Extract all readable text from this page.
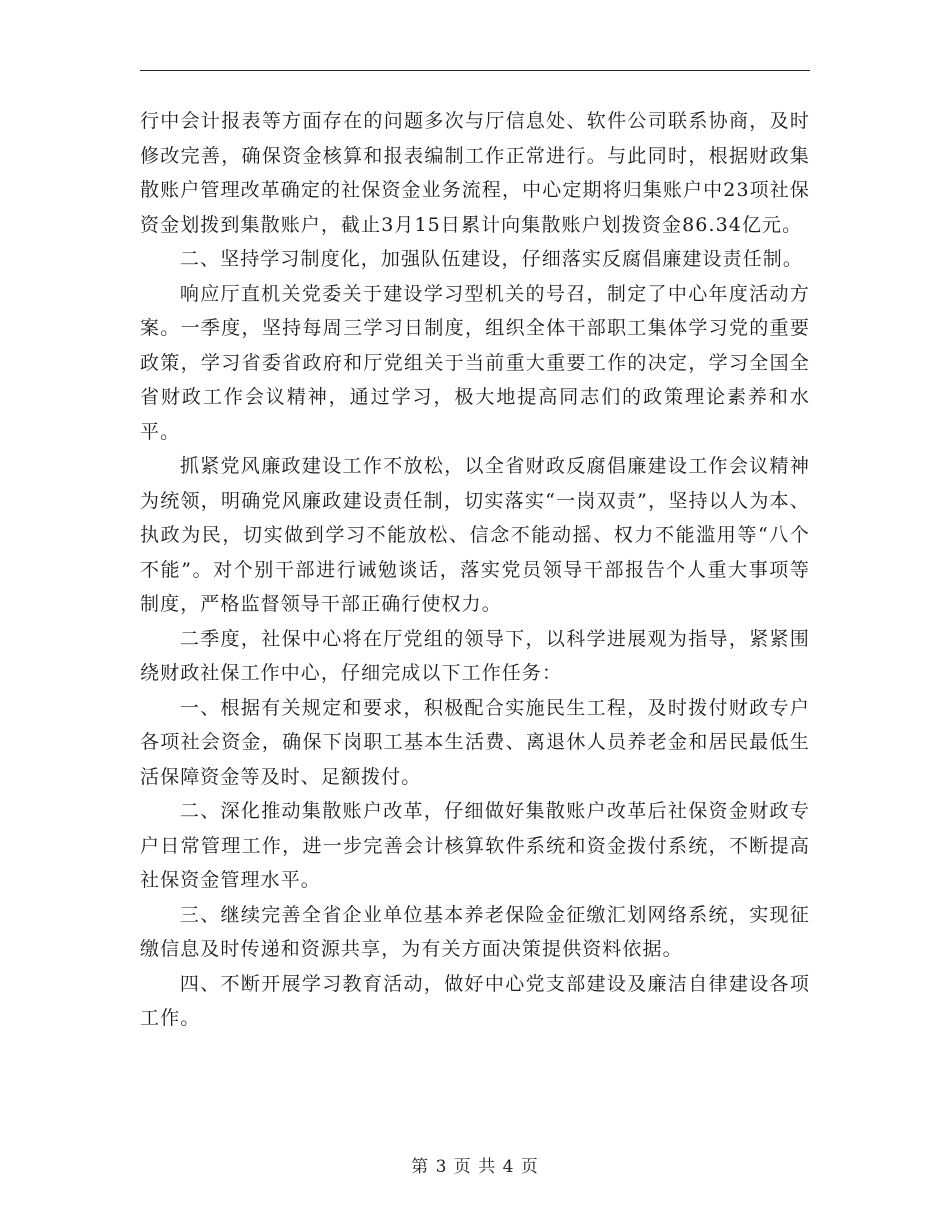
行中会计报表等方面存在的问题多次与厅信息处、软件公司联系协商，及时修改完善，确保资金核算和报表编制工作正常进行。与此同时，根据财政集散账户管理改革确定的社保资金业务流程，中心定期将归集账户中23项社保资金划拨到集散账户，截止3月15日累计向集散账户划拨资金86.34亿元。

二、坚持学习制度化，加强队伍建设，仔细落实反腐倡廉建设责任制。

响应厅直机关党委关于建设学习型机关的号召，制定了中心年度活动方案。一季度，坚持每周三学习日制度，组织全体干部职工集体学习党的重要政策，学习省委省政府和厅党组关于当前重大重要工作的决定，学习全国全省财政工作会议精神，通过学习，极大地提高同志们的政策理论素养和水平。

抓紧党风廉政建设工作不放松，以全省财政反腐倡廉建设工作会议精神为统领，明确党风廉政建设责任制，切实落实“一岗双责”，坚持以人为本、执政为民，切实做到学习不能放松、信念不能动摇、权力不能滥用等“八个不能”。对个别干部进行诫勉谈话，落实党员领导干部报告个人重大事项等制度，严格监督领导干部正确行使权力。

二季度，社保中心将在厅党组的领导下，以科学进展观为指导，紧紧围绕财政社保工作中心，仔细完成以下工作任务：

一、根据有关规定和要求，积极配合实施民生工程，及时拨付财政专户各项社会资金，确保下岗职工基本生活费、离退休人员养老金和居民最低生活保障资金等及时、足额拨付。

二、深化推动集散账户改革，仔细做好集散账户改革后社保资金财政专户日常管理工作，进一步完善会计核算软件系统和资金拨付系统，不断提高社保资金管理水平。

三、继续完善全省企业单位基本养老保险金征缴汇划网络系统，实现征缴信息及时传递和资源共享，为有关方面决策提供资料依据。

四、不断开展学习教育活动，做好中心党支部建设及廉洁自律建设各项工作。

第 3 页 共 4 页
